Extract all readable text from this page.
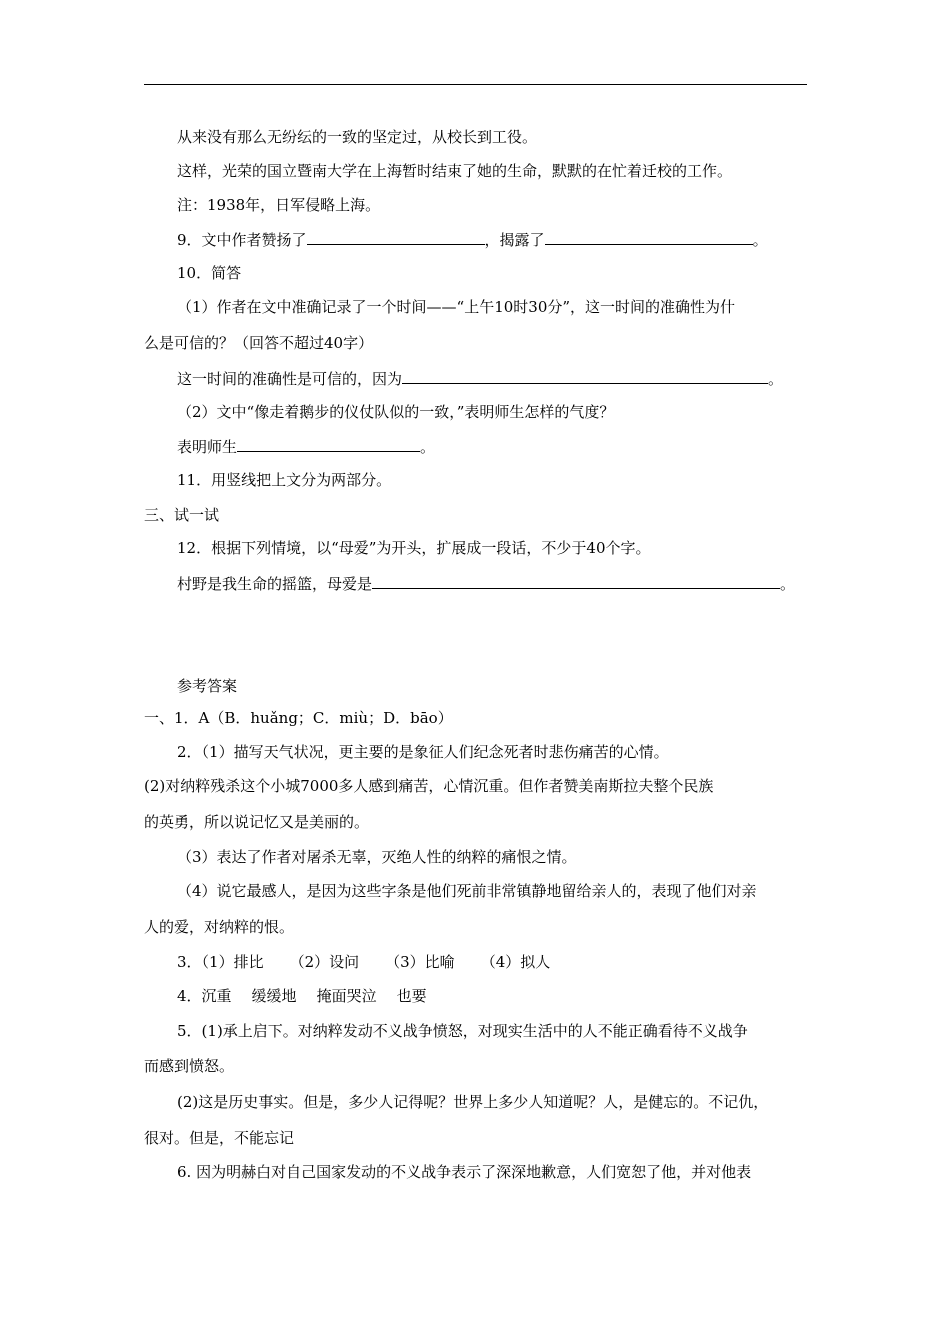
从来没有那么无纷纭的一致的坚定过，从校长到工役。
这样，光荣的国立暨南大学在上海暂时结束了她的生命，默默的在忙着迁校的工作。
注：1938年，日军侵略上海。
9．文中作者赞扬了	，揭露了	。
10．简答
（1）作者在文中准确记录了一个时间——“上午10时30分”，这一时间的准确性为什
么是可信的？（回答不超过40字）
这一时间的准确性是可信的，因为	。
（2）文中“像走着鹅步的仪仗队似的一致，”表明师生怎样的气度？
表明师生	。
11．用竖线把上文分为两部分。
三、试一试
12．根据下列情境，以“母爱”为开头，扩展成一段话，不少于40个字。
村野是我生命的摇篮，母爱是	。
参考答案
一、1．A（B．huǎng；C．miù；D．bāo）
2．（1）描写天气状况，更主要的是象征人们纪念死者时悲伤痛苦的心情。
(2)对纳粹残杀这个小城7000多人感到痛苦，心情沉重。但作者赞美南斯拉夫整个民族
的英勇，所以说记忆又是美丽的。
（3）表达了作者对屠杀无辜，灭绝人性的纳粹的痛恨之情。
（4）说它最感人，是因为这些字条是他们死前非常镇静地留给亲人的，表现了他们对亲
人的爱，对纳粹的恨。
3．（1）排比 （2）设问 （3）比喻 （4）拟人
4．沉重 缓缓地 掩面哭泣 也要
5．(1)承上启下。对纳粹发动不义战争愤怒，对现实生活中的人不能正确看待不义战争
而感到愤怒。
(2)这是历史事实。但是，多少人记得呢？世界上多少人知道呢？人，是健忘的。不记仇，
很对。但是，不能忘记
6. 因为明赫白对自己国家发动的不义战争表示了深深地歉意，人们宽恕了他，并对他表
